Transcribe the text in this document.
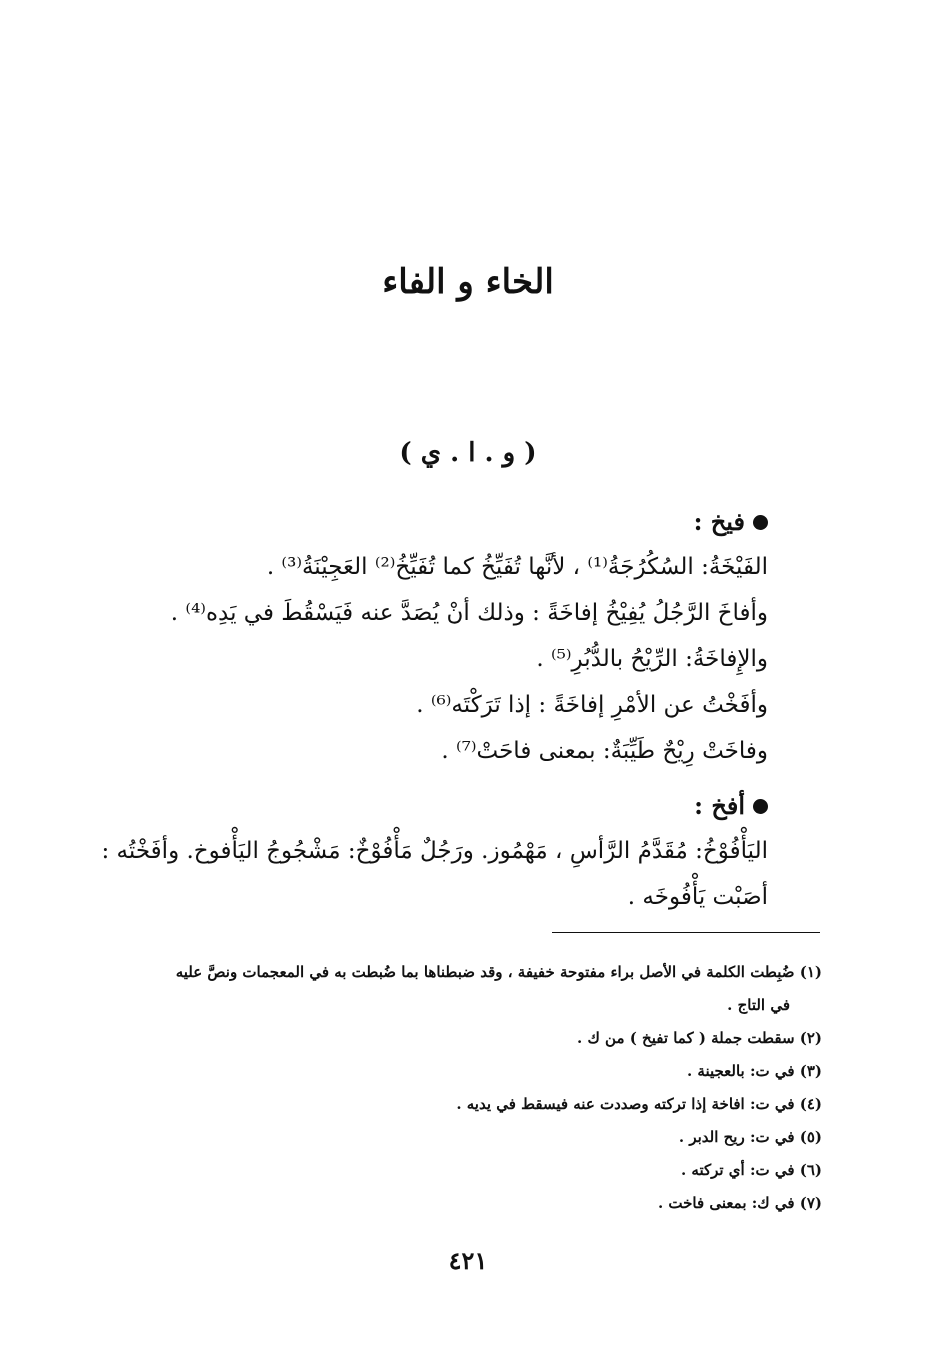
الخاء و الفاء
( و . ا . ي )
فيخ :
الفَيْخَةُ: السُكُرُجَةُ⁽¹⁾ ، لأنَّها تُفَيِّخُ كما تُفَيِّخُ⁽²⁾ العَجِيْنَةُ⁽³⁾ .
وأفاخَ الرَّجُلُ يُفِيْخُ إفاخَةً : وذلك أنْ يُصَدَّ عنه فَيَسْقُطَ في يَدِه⁽⁴⁾ .
والإِفاخَةُ: الرِّيْحُ بالدُّبُرِ⁽⁵⁾ .
وأفَخْتُ عن الأمْرِ إفاخَةً : إذا تَرَكْتَه⁽⁶⁾ .
وفاخَتْ رِيْحٌ طَيِّبَةٌ: بمعنى فاحَتْ⁽⁷⁾ .
أفخ :
اليَأْفُوْخُ: مُقَدَّمُ الرَّأسِ ، مَهْمُوز. ورَجُلٌ مَأْفُوْخٌ: مَشْجُوجُ اليَأْفوخ. وأفَخْتُه :
أصَبْت يَأْفُوخَه .
(١) ضُبِطت الكلمة في الأصل براء مفتوحة خفيفة ، وقد ضبطناها بما ضُبطت به في المعجمات ونصَّ عليه
في التاج .
(٢) سقطت جملة ( كما تفيخ ) من ك .
(٣) في ت: بالعجينة .
(٤) في ت: افاخة إذا تركته وصددت عنه فيسقط في يديه .
(٥) في ت: ريح الدبر .
(٦) في ت: أي تركته .
(٧) في ك: بمعنى فاخت .
٤٢١
